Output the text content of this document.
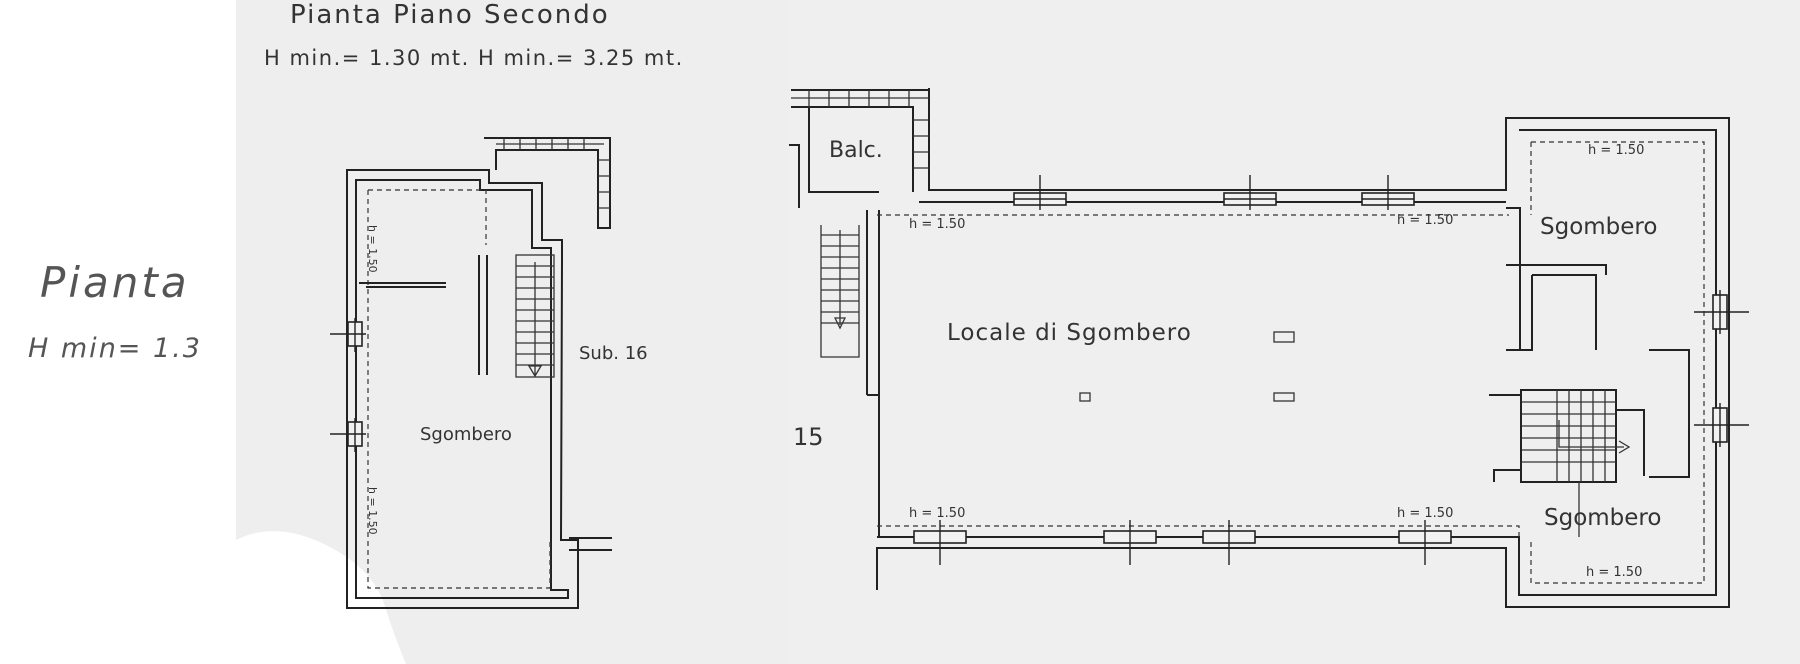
Pianta
H min= 1.3
Pianta Piano Secondo
H min.= 1.30 mt. H min.= 3.25 mt.
Sub. 16
Sgombero
h = 1.50
h = 1.50
Balc.
Locale di Sgombero
Sgombero
Sgombero
15
h = 1.50	h = 1.50
h = 1.50	h = 1.50
h = 1.50
h = 1.50
